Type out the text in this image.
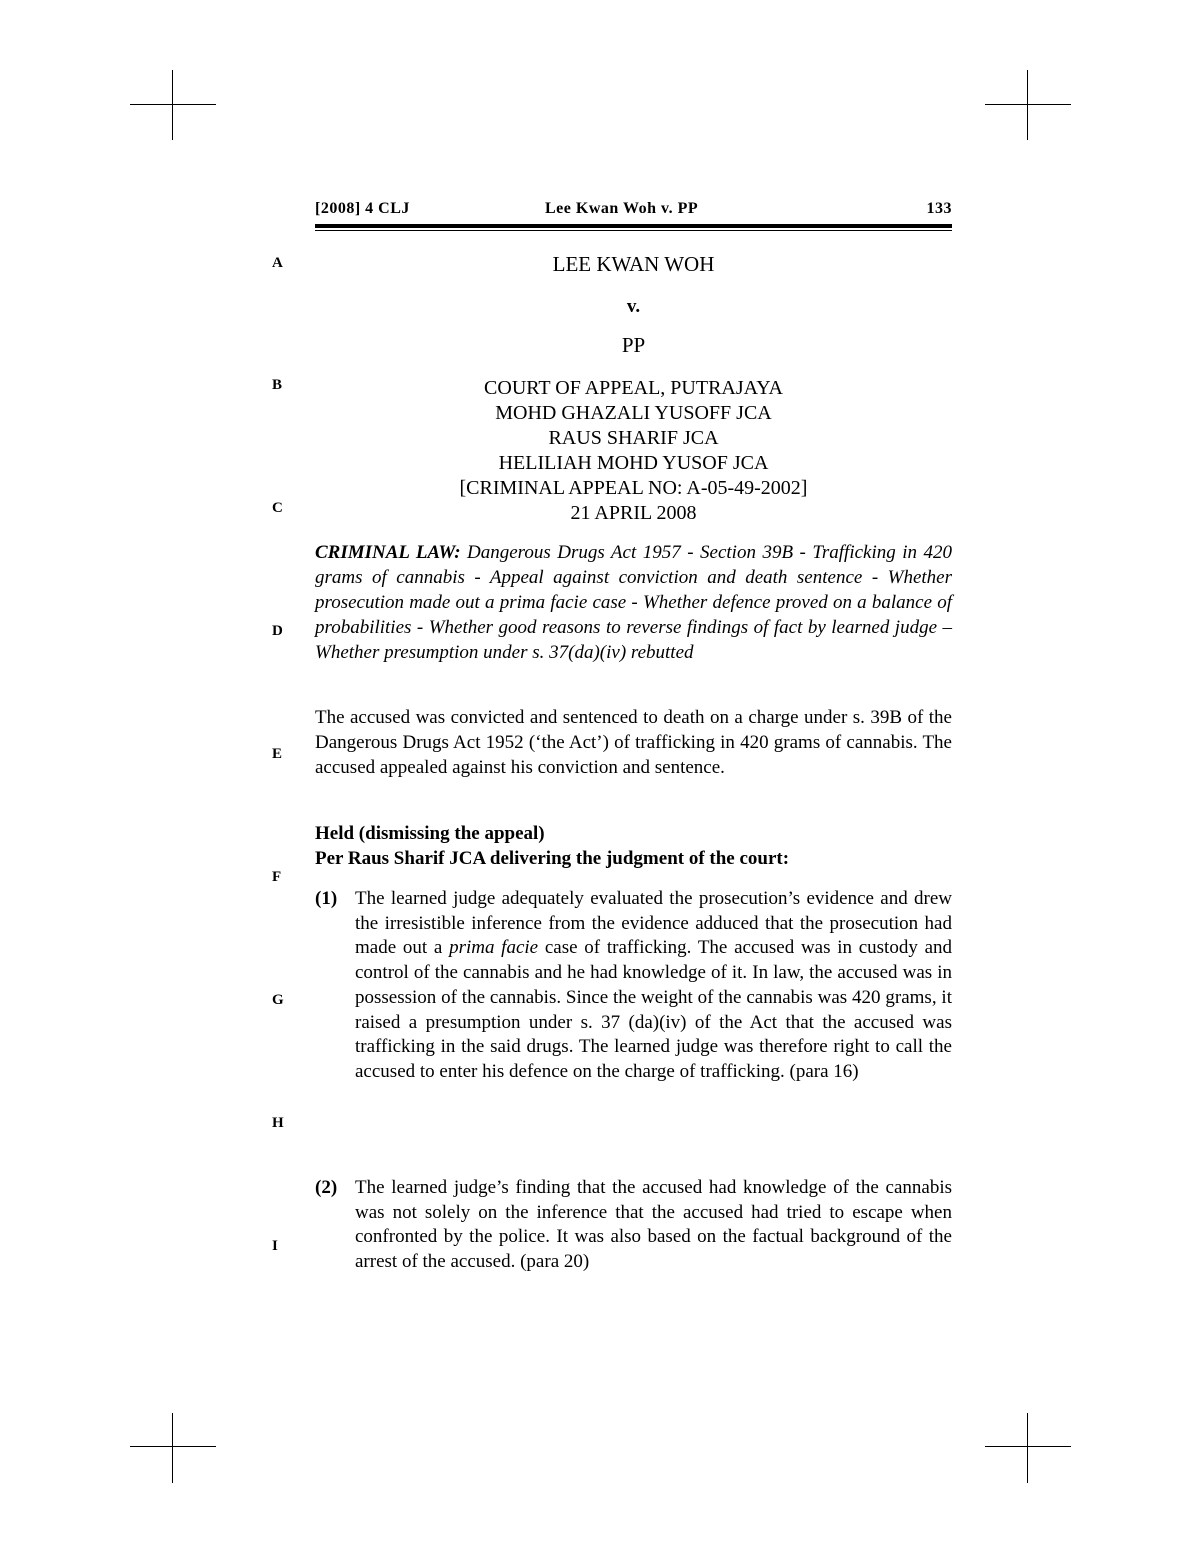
[2008] 4 CLJ	Lee Kwan Woh v. PP	133
A
B
C
D
E
F
G
H
I
LEE KWAN WOH
v.
PP
COURT OF APPEAL, PUTRAJAYA
MOHD GHAZALI YUSOFF JCA
RAUS SHARIF JCA
HELILIAH MOHD YUSOF JCA
[CRIMINAL APPEAL NO: A-05-49-2002]
21 APRIL 2008
CRIMINAL LAW: Dangerous Drugs Act 1957 - Section 39B - Trafficking in 420 grams of cannabis - Appeal against conviction and death sentence - Whether prosecution made out a prima facie case - Whether defence proved on a balance of probabilities - Whether good reasons to reverse findings of fact by learned judge – Whether presumption under s. 37(da)(iv) rebutted
The accused was convicted and sentenced to death on a charge under s. 39B of the Dangerous Drugs Act 1952 (‘the Act’) of trafficking in 420 grams of cannabis. The accused appealed against his conviction and sentence.
Held (dismissing the appeal)
Per Raus Sharif JCA delivering the judgment of the court:
(1) The learned judge adequately evaluated the prosecution’s evidence and drew the irresistible inference from the evidence adduced that the prosecution had made out a prima facie case of trafficking. The accused was in custody and control of the cannabis and he had knowledge of it. In law, the accused was in possession of the cannabis. Since the weight of the cannabis was 420 grams, it raised a presumption under s. 37 (da)(iv) of the Act that the accused was trafficking in the said drugs. The learned judge was therefore right to call the accused to enter his defence on the charge of trafficking. (para 16)
(2) The learned judge’s finding that the accused had knowledge of the cannabis was not solely on the inference that the accused had tried to escape when confronted by the police. It was also based on the factual background of the arrest of the accused. (para 20)
